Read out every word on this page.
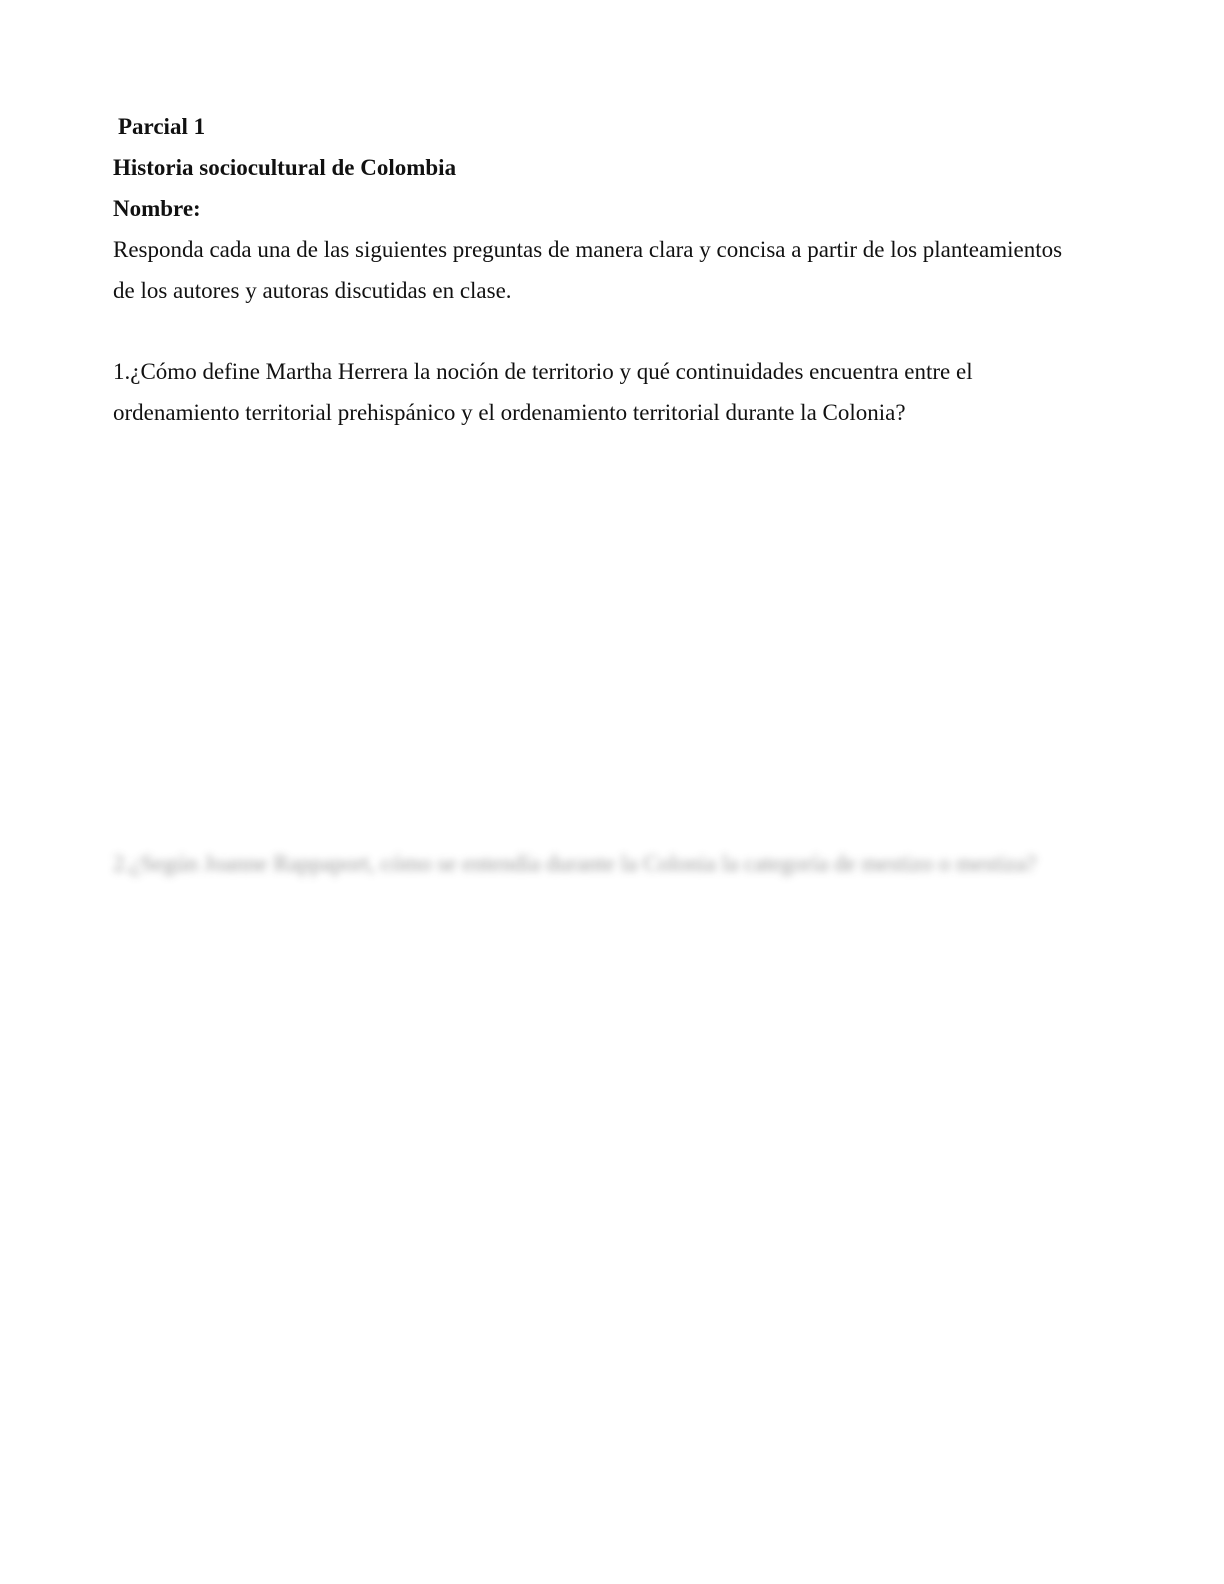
Parcial 1

Historia sociocultural de Colombia

Nombre:

Responda cada una de las siguientes preguntas de manera clara y concisa a partir de los planteamientos

de los autores y autoras discutidas en clase.

1.¿Cómo define Martha Herrera la noción de territorio y qué continuidades encuentra entre el

ordenamiento territorial prehispánico y el ordenamiento territorial durante la Colonia?

2.¿Según Joanne Rappaport, cómo se entendía durante la Colonia la categoría de mestizo o mestiza?
